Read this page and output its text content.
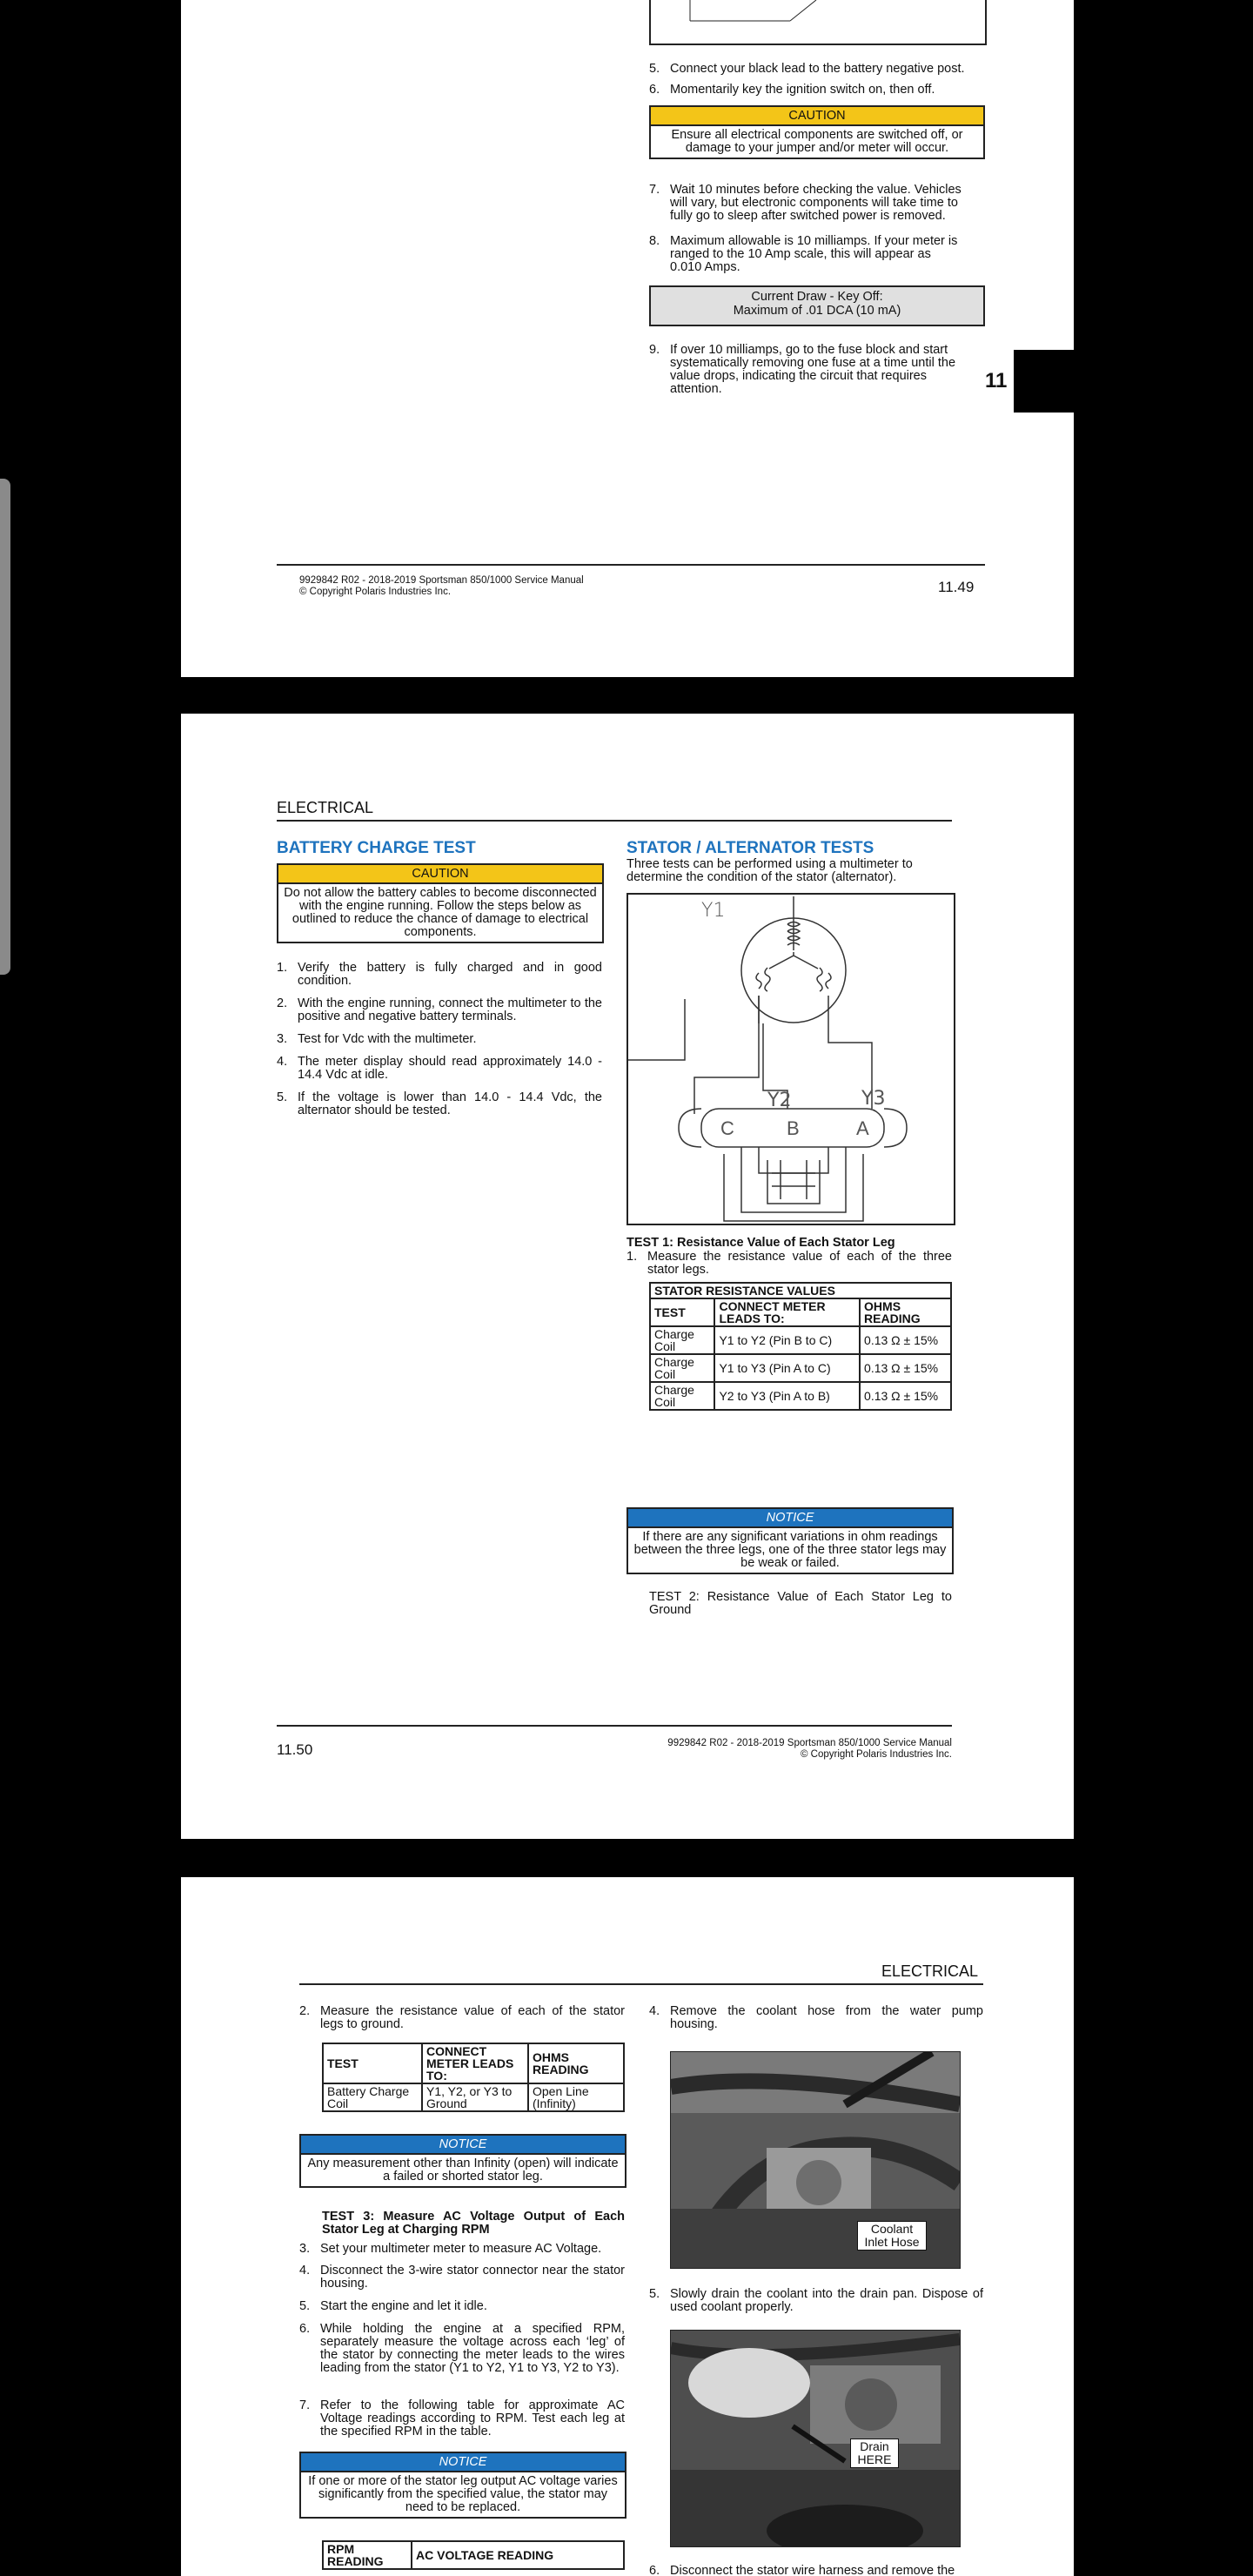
5. Connect your black lead to the battery negative post.
6. Momentarily key the ignition switch on, then off.
CAUTION
Ensure all electrical components are switched off, or damage to your jumper and/or meter will occur.
7. Wait 10 minutes before checking the value. Vehicles will vary, but electronic components will take time to fully go to sleep after switched power is removed.
8. Maximum allowable is 10 milliamps. If your meter is ranged to the 10 Amp scale, this will appear as 0.010 Amps.
Current Draw - Key Off:
Maximum of .01 DCA (10 mA)
9. If over 10 milliamps, go to the fuse block and start systematically removing one fuse at a time until the value drops, indicating the circuit that requires attention.	11
9929842 R02 - 2018-2019 Sportsman 850/1000 Service Manual
© Copyright Polaris Industries Inc.	11.49
ELECTRICAL
BATTERY CHARGE TEST
CAUTION
Do not allow the battery cables to become disconnected with the engine running. Follow the steps below as outlined to reduce the chance of damage to electrical components.
1. Verify the battery is fully charged and in good condition.
2. With the engine running, connect the multimeter to the positive and negative battery terminals.
3. Test for Vdc with the multimeter.
4. The meter display should read approximately 14.0 - 14.4 Vdc at idle.
5. If the voltage is lower than 14.0 - 14.4 Vdc, the alternator should be tested.
STATOR / ALTERNATOR TESTS
Three tests can be performed using a multimeter to determine the condition of the stator (alternator).
Y1
Y2	Y3
C	B	A
TEST 1: Resistance Value of Each Stator Leg
1. Measure the resistance value of each of the three stator legs.
STATOR RESISTANCE VALUES		
TEST	CONNECT METER LEADS TO:	OHMS READING
Charge Coil	Y1 to Y2 (Pin B to C)	0.13 Ω ± 15%
Charge Coil	Y1 to Y3 (Pin A to C)	0.13 Ω ± 15%
Charge Coil	Y2 to Y3 (Pin A to B)	0.13 Ω ± 15%
NOTICE
If there are any significant variations in ohm readings between the three legs, one of the three stator legs may be weak or failed.
TEST 2: Resistance Value of Each Stator Leg to Ground
11.50	9929842 R02 - 2018-2019 Sportsman 850/1000 Service Manual
© Copyright Polaris Industries Inc.
ELECTRICAL
2. Measure the resistance value of each of the stator legs to ground.
TEST	CONNECT METER LEADS TO:	OHMS READING
Battery Charge Coil	Y1, Y2, or Y3 to Ground	Open Line (Infinity)
NOTICE
Any measurement other than Infinity (open) will indicate a failed or shorted stator leg.
TEST 3: Measure AC Voltage Output of Each Stator Leg at Charging RPM
3. Set your multimeter meter to measure AC Voltage.
4. Disconnect the 3-wire stator connector near the stator housing.
5. Start the engine and let it idle.
6. While holding the engine at a specified RPM, separately measure the voltage across each ‘leg’ of the stator by connecting the meter leads to the wires leading from the stator (Y1 to Y2, Y1 to Y3, Y2 to Y3).
7. Refer to the following table for approximate AC Voltage readings according to RPM. Test each leg at the specified RPM in the table.
NOTICE
If one or more of the stator leg output AC voltage varies significantly from the specified value, the stator may need to be replaced.
RPM READING	AC VOLTAGE READING
4. Remove the coolant hose from the water pump housing.
Coolant Inlet Hose
5. Slowly drain the coolant into the drain pan. Dispose of used coolant properly.
Drain HERE
6. Disconnect the stator wire harness and remove the
